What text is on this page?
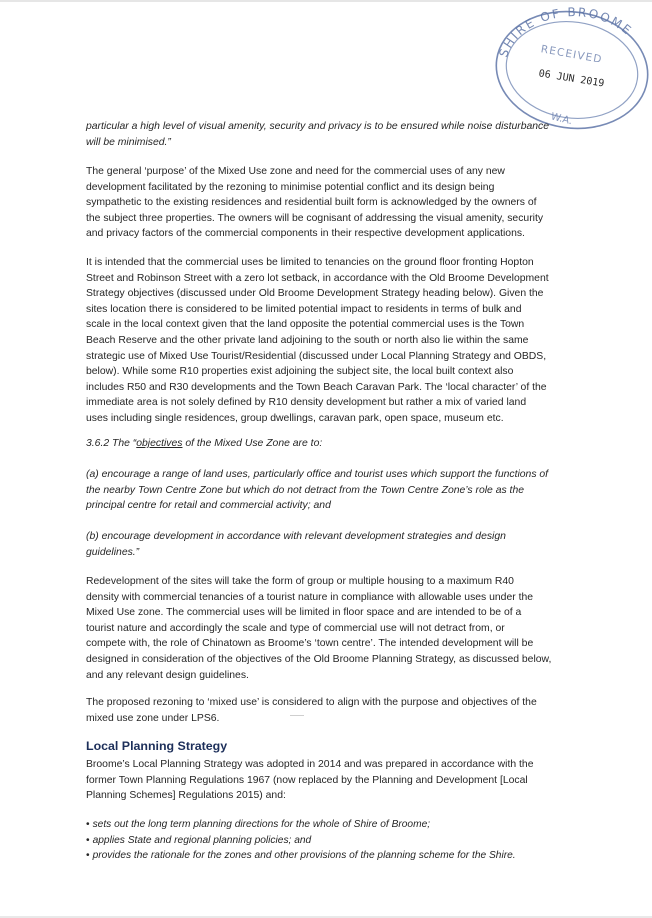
SHIRE OF BROOME
RECEIVED
06 JUN 2019
W.A.

particular a high level of visual amenity, security and privacy is to be ensured while noise disturbance

will be minimised.”

The general ‘purpose’ of the Mixed Use zone and need for the commercial uses of any new

development facilitated by the rezoning to minimise potential conflict and its design being

sympathetic to the existing residences and residential built form is acknowledged by the owners of

the subject three properties. The owners will be cognisant of addressing the visual amenity, security

and privacy factors of the commercial components in their respective development applications.

It is intended that the commercial uses be limited to tenancies on the ground floor fronting Hopton

Street and Robinson Street with a zero lot setback, in accordance with the Old Broome Development

Strategy objectives (discussed under Old Broome Development Strategy heading below). Given the

sites location there is considered to be limited potential impact to residents in terms of bulk and

scale in the local context given that the land opposite the potential commercial uses is the Town

Beach Reserve and the other private land adjoining to the south or north also lie within the same

strategic use of Mixed Use Tourist/Residential (discussed under Local Planning Strategy and OBDS,

below). While some R10 properties exist adjoining the subject site, the local built context also

includes R50 and R30 developments and the Town Beach Caravan Park. The ‘local character’ of the

immediate area is not solely defined by R10 density development but rather a mix of varied land

uses including single residences, group dwellings, caravan park, open space, museum etc.

3.6.2 The “objectives of the Mixed Use Zone are to:

(a) encourage a range of land uses, particularly office and tourist uses which support the functions of

the nearby Town Centre Zone but which do not detract from the Town Centre Zone’s role as the

principal centre for retail and commercial activity; and

(b) encourage development in accordance with relevant development strategies and design

guidelines.”

Redevelopment of the sites will take the form of group or multiple housing to a maximum R40

density with commercial tenancies of a tourist nature in compliance with allowable uses under the

Mixed Use zone. The commercial uses will be limited in floor space and are intended to be of a

tourist nature and accordingly the scale and type of commercial use will not detract from, or

compete with, the role of Chinatown as Broome’s ‘town centre’. The intended development will be

designed in consideration of the objectives of the Old Broome Planning Strategy, as discussed below,

and any relevant design guidelines.

The proposed rezoning to ‘mixed use’ is considered to align with the purpose and objectives of the

mixed use zone under LPS6.

Local Planning Strategy

Broome’s Local Planning Strategy was adopted in 2014 and was prepared in accordance with the

former Town Planning Regulations 1967 (now replaced by the Planning and Development [Local

Planning Schemes] Regulations 2015) and:

• sets out the long term planning directions for the whole of Shire of Broome;
• applies State and regional planning policies; and
• provides the rationale for the zones and other provisions of the planning scheme for the Shire.
